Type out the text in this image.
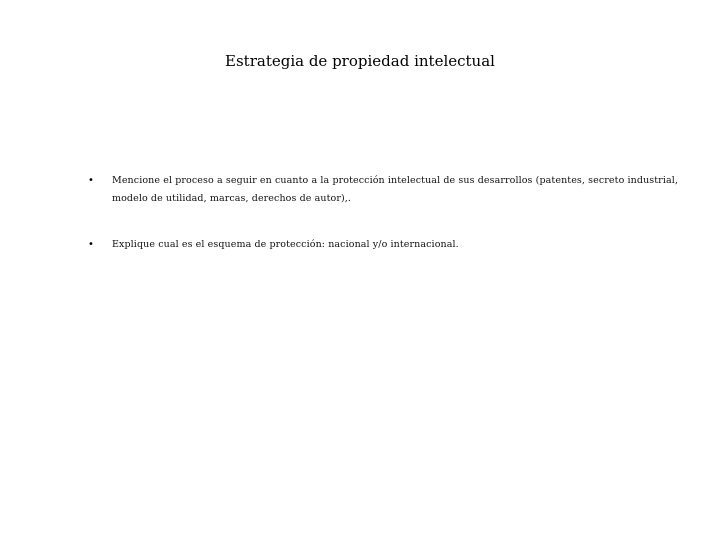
Estrategia de propiedad intelectual
• Mencione el proceso a seguir en cuanto a la protección intelectual de sus desarrollos (patentes, secreto industrial, modelo de utilidad, marcas, derechos de autor),.
• Explique cual es el esquema de protección: nacional y/o internacional.
